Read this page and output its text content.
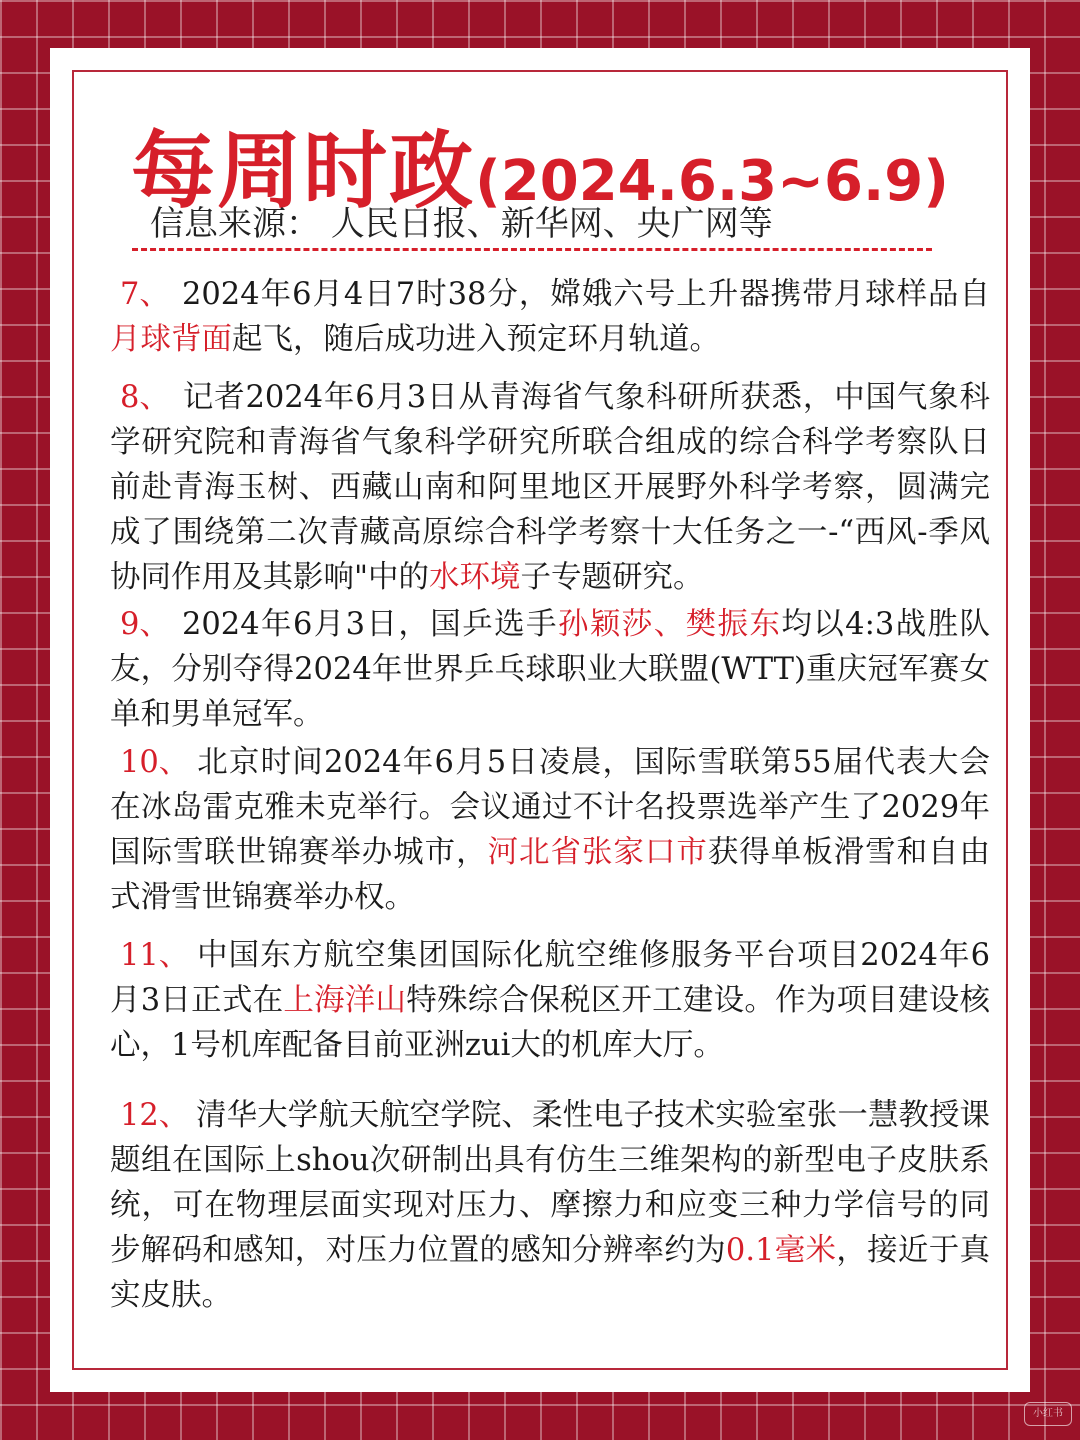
每周时政(2024.6.3~6.9)
信息来源： 人民日报、新华网、央广网等

7、 2024年6月4日7时38分，嫦娥六号上升器携带月球样品自月球背面起飞，随后成功进入预定环月轨道。

8、 记者2024年6月3日从青海省气象科研所获悉，中国气象科学研究院和青海省气象科学研究所联合组成的综合科学考察队日前赴青海玉树、西藏山南和阿里地区开展野外科学考察，圆满完成了围绕第二次青藏高原综合科学考察十大任务之一-“西风-季风协同作用及其影响"中的水环境子专题研究。

9、 2024年6月3日，国乒选手孙颖莎、樊振东均以4:3战胜队友，分别夺得2024年世界乒乓球职业大联盟(WTT)重庆冠军赛女单和男单冠军。

10、 北京时间2024年6月5日凌晨，国际雪联第55届代表大会在冰岛雷克雅未克举行。会议通过不计名投票选举产生了2029年国际雪联世锦赛举办城市，河北省张家口市获得单板滑雪和自由式滑雪世锦赛举办权。

11、 中国东方航空集团国际化航空维修服务平台项目2024年6月3日正式在上海洋山特殊综合保税区开工建设。作为项目建设核心，1号机库配备目前亚洲zui大的机库大厅。

12、 清华大学航天航空学院、柔性电子技术实验室张一慧教授课题组在国际上shou次研制出具有仿生三维架构的新型电子皮肤系统，可在物理层面实现对压力、摩擦力和应变三种力学信号的同步解码和感知，对压力位置的感知分辨率约为0.1毫米，接近于真实皮肤。

小红书
